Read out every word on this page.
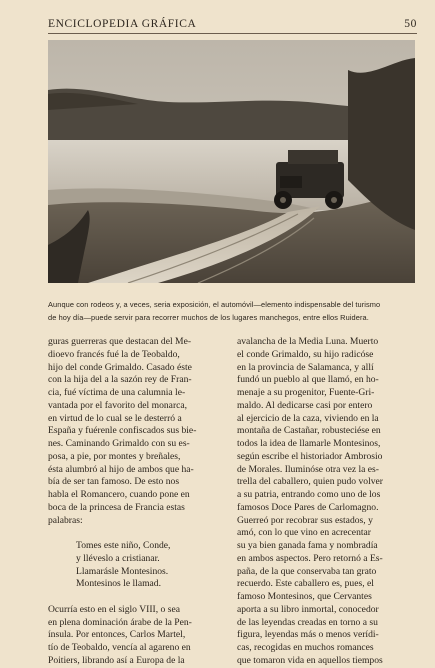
ENCICLOPEDIA GRÁFICA	50
Aunque con rodeos y, a veces, seria exposición, el automóvil—elemento indispensable del turismo
de hoy día—puede servir para recorrer muchos de los lugares manchegos, entre ellos Ruidera.
guras guerreras que destacan del Me-
dioevo francés fué la de Teobaldo,
hijo del conde Grimaldo. Casado éste
con la hija del a la sazón rey de Fran-
cia, fué víctima de una calumnia le-
vantada por el favorito del monarca,
en virtud de lo cual se le desterró a
España y fuérenle confiscados sus bie-
nes. Caminando Grimaldo con su es-
posa, a pie, por montes y breñales,
ésta alumbró al hijo de ambos que ha-
bía de ser tan famoso. De esto nos
habla el Romancero, cuando pone en
boca de la princesa de Francia estas
palabras:
Tomes este niño, Conde,
y lléveslo a cristianar.
Llamarásle Montesinos.
Montesinos le llamad.
Ocurría esto en el siglo VIII, o sea
en plena dominación árabe de la Pen-
ínsula. Por entonces, Carlos Martel,
tío de Teobaldo, vencía al agareno en
Poitiers, librando así a Europa de la
avalancha de la Media Luna. Muerto
el conde Grimaldo, su hijo radicóse
en la provincia de Salamanca, y allí
fundó un pueblo al que llamó, en ho-
menaje a su progenitor, Fuente-Gri-
maldo. Al dedicarse casi por entero
al ejercicio de la caza, viviendo en la
montaña de Castañar, robusteciése en
todos la idea de llamarle Montesinos,
según escribe el historiador Ambrosio
de Morales. Iluminóse otra vez la es-
trella del caballero, quien pudo volver
a su patria, entrando como uno de los
famosos Doce Pares de Carlomagno.
Guerreó por recobrar sus estados, y
amó, con lo que vino en acrecentar
su ya bien ganada fama y nombradía
en ambos aspectos. Pero retornó a Es-
paña, de la que conservaba tan grato
recuerdo. Este caballero es, pues, el
famoso Montesinos, que Cervantes
aporta a su libro inmortal, conocedor
de las leyendas creadas en torno a su
figura, leyendas más o menos verídi-
cas, recogidas en muchos romances
que tomaron vida en aquellos tiempos
